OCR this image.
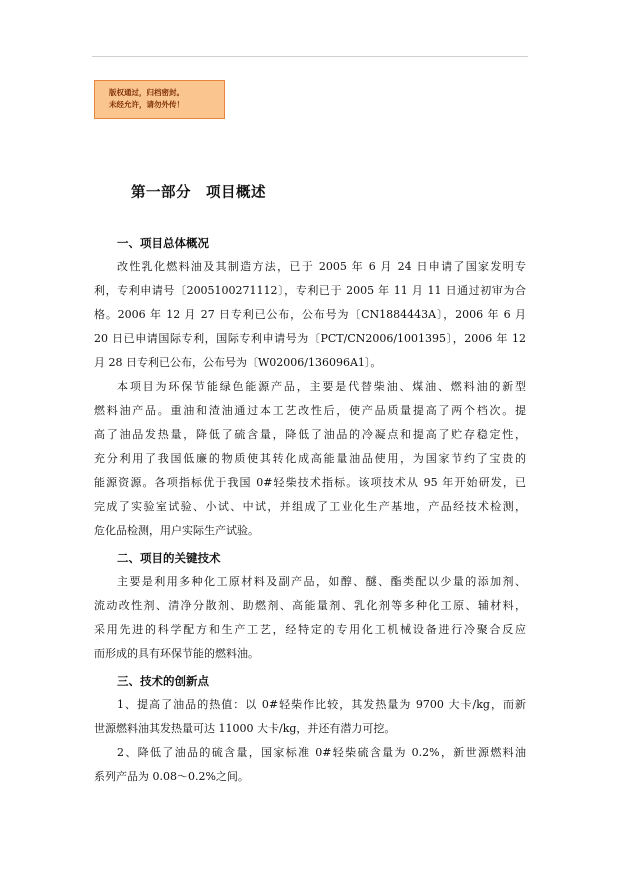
版权通过，归档密封。
未经允许，请勿外传！
第一部分　项目概述
一、项目总体概况
改性乳化燃料油及其制造方法，已于 2005 年 6 月 24 日申请了国家发明专
利，专利申请号〔2005100271112〕，专利已于 2005 年 11 月 11 日通过初审为合
格。2006 年 12 月 27 日专利已公布，公布号为〔CN1884443A〕，2006 年 6 月
20 日已申请国际专利，国际专利申请号为〔PCT/CN2006/1001395〕，2006 年 12
月 28 日专利已公布，公布号为〔W02006/136096A1〕。
本项目为环保节能绿色能源产品，主要是代替柴油、煤油、燃料油的新型
燃料油产品。重油和渣油通过本工艺改性后，使产品质量提高了两个档次。提
高了油品发热量，降低了硫含量，降低了油品的冷凝点和提高了贮存稳定性，
充分利用了我国低廉的物质使其转化成高能量油品使用，为国家节约了宝贵的
能源资源。各项指标优于我国 0#轻柴技术指标。该项技术从 95 年开始研发，已
完成了实验室试验、小试、中试，并组成了工业化生产基地，产品经技术检测，
危化品检测，用户实际生产试验。
二、项目的关键技术
主要是利用多种化工原材料及副产品，如醇、醚、酯类配以少量的添加剂、
流动改性剂、清净分散剂、助燃剂、高能量剂、乳化剂等多种化工原、辅材料，
采用先进的科学配方和生产工艺，经特定的专用化工机械设备进行冷聚合反应
而形成的具有环保节能的燃料油。
三、技术的创新点
1、提高了油品的热值：以 0#轻柴作比较，其发热量为 9700 大卡/kg，而新
世源燃料油其发热量可达 11000 大卡/kg，并还有潜力可挖。
2、降低了油品的硫含量，国家标准 0#轻柴硫含量为 0.2%，新世源燃料油
系列产品为 0.08～0.2%之间。
